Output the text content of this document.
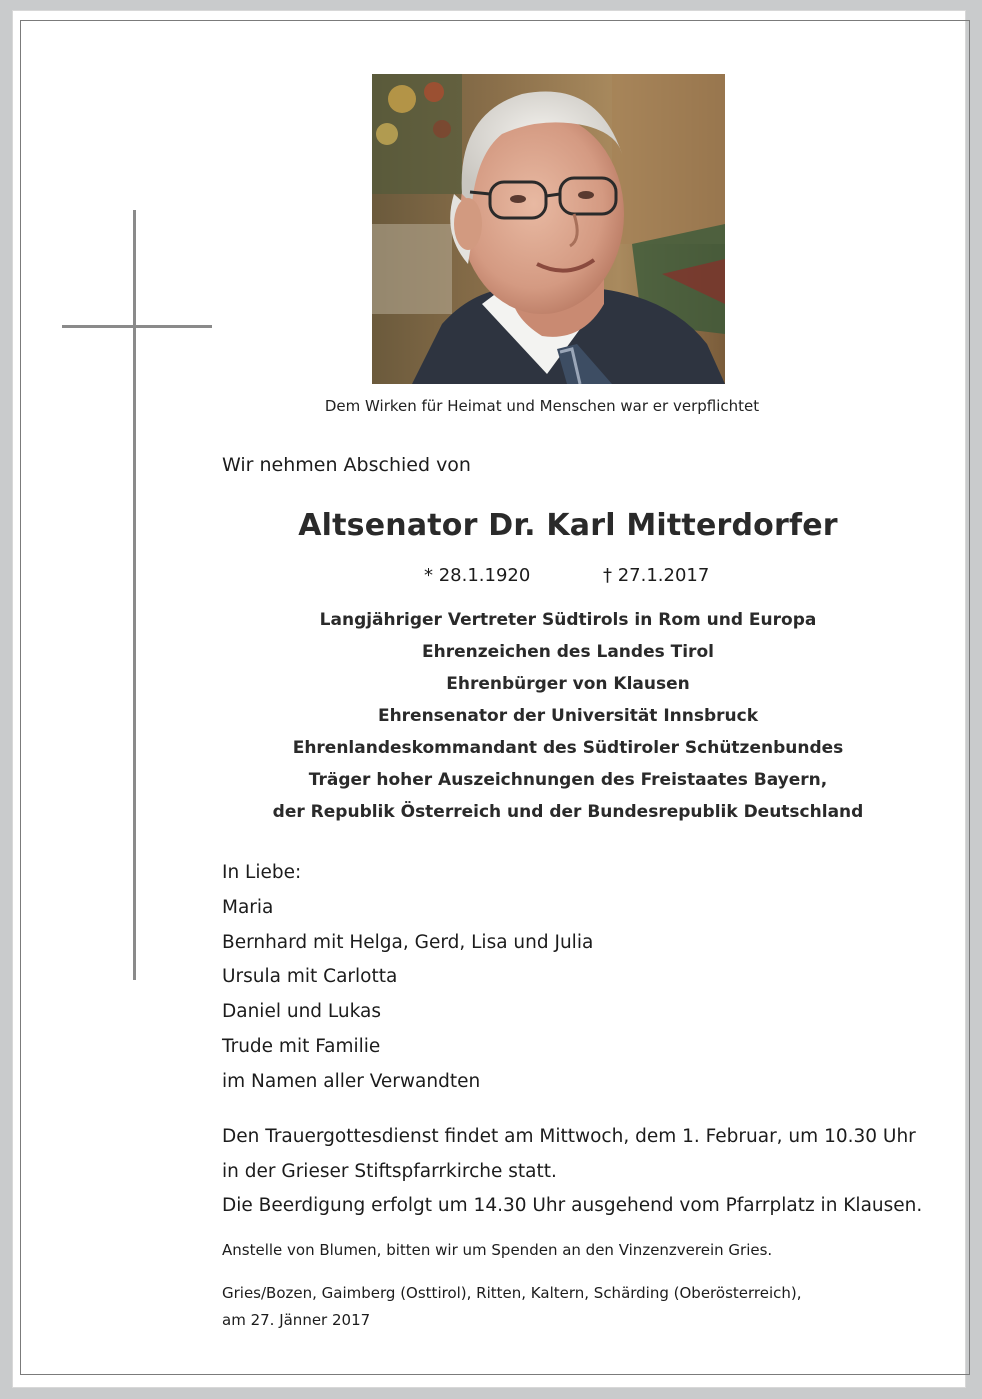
Dem Wirken für Heimat und Menschen war er verpflichtet
Wir nehmen Abschied von
Altsenator Dr. Karl Mitterdorfer
* 28.1.1920	† 27.1.2017
Langjähriger Vertreter Südtirols in Rom und Europa
Ehrenzeichen des Landes Tirol
Ehrenbürger von Klausen
Ehrensenator der Universität Innsbruck
Ehrenlandeskommandant des Südtiroler Schützenbundes
Träger hoher Auszeichnungen des Freistaates Bayern,
der Republik Österreich und der Bundesrepublik Deutschland
In Liebe:
Maria
Bernhard mit Helga, Gerd, Lisa und Julia
Ursula mit Carlotta
Daniel und Lukas
Trude mit Familie
im Namen aller Verwandten
Den Trauergottesdienst findet am Mittwoch, dem 1. Februar, um 10.30 Uhr
in der Grieser Stiftspfarrkirche statt.
Die Beerdigung erfolgt um 14.30 Uhr ausgehend vom Pfarrplatz in Klausen.
Anstelle von Blumen, bitten wir um Spenden an den Vinzenzverein Gries.
Gries/Bozen, Gaimberg (Osttirol), Ritten, Kaltern, Schärding (Oberösterreich),
am 27. Jänner 2017
